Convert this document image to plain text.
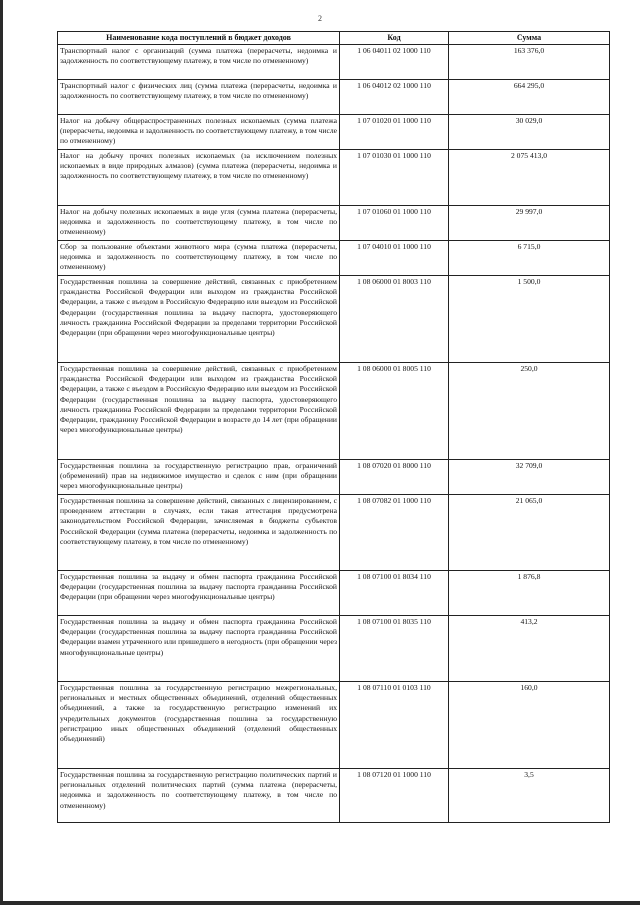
2
Наименование кода поступлений в бюджет доходов	Код	Сумма
Транспортный налог с организаций (сумма платежа (перерасчеты, недоимка и задолженность по соответствующему платежу, в том числе по отмененному)	1 06 04011 02 1000 110	163 376,0
Транспортный налог с физических лиц (сумма платежа (перерасчеты, недоимка и задолженность по соответствующему платежу, в том числе по отмененному)	1 06 04012 02 1000 110	664 295,0
Налог на добычу общераспространенных полезных ископаемых (сумма платежа (перерасчеты, недоимка и задолженность по соответствующему платежу, в том числе по отмененному)	1 07 01020 01 1000 110	30 029,0
Налог на добычу прочих полезных ископаемых (за исключением полезных ископаемых в виде природных алмазов) (сумма платежа (перерасчеты, недоимка и задолженность по соответствующему платежу, в том числе по отмененному)	1 07 01030 01 1000 110	2 075 413,0
Налог на добычу полезных ископаемых в виде угля (сумма платежа (перерасчеты, недоимка и задолженность по соответствующему платежу, в том числе по отмененному)	1 07 01060 01 1000 110	29 997,0
Сбор за пользование объектами животного мира (сумма платежа (перерасчеты, недоимка и задолженность по соответствующему платежу, в том числе по отмененному)	1 07 04010 01 1000 110	6 715,0
Государственная пошлина за совершение действий, связанных с приобретением гражданства Российской Федерации или выходом из гражданства Российской Федерации, а также с въездом в Российскую Федерацию или выездом из Российской Федерации (государственная пошлина за выдачу паспорта, удостоверяющего личность гражданина Российской Федерации за пределами территории Российской Федерации (при обращении через многофункциональные центры)	1 08 06000 01 8003 110	1 500,0
Государственная пошлина за совершение действий, связанных с приобретением гражданства Российской Федерации или выходом из гражданства Российской Федерации, а также с въездом в Российскую Федерацию или выездом из Российской Федерации (государственная пошлина за выдачу паспорта, удостоверяющего личность гражданина Российской Федерации за пределами территории Российской Федерации, гражданину Российской Федерации в возрасте до 14 лет (при обращении через многофункциональные центры)	1 08 06000 01 8005 110	250,0
Государственная пошлина за государственную регистрацию прав, ограничений (обременений) прав на недвижимое имущество и сделок с ним (при обращении через многофункциональные центры)	1 08 07020 01 8000 110	32 709,0
Государственная пошлина за совершение действий, связанных с лицензированием, с проведением аттестации в случаях, если такая аттестация предусмотрена законодательством Российской Федерации, зачисляемая в бюджеты субъектов Российской Федерации (сумма платежа (перерасчеты, недоимка и задолженность по соответствующему платежу, в том числе по отмененному)	1 08 07082 01 1000 110	21 065,0
Государственная пошлина за выдачу и обмен паспорта гражданина Российской Федерации (государственная пошлина за выдачу паспорта гражданина Российской Федерации (при обращении через многофункциональные центры)	1 08 07100 01 8034 110	1 876,8
Государственная пошлина за выдачу и обмен паспорта гражданина Российской Федерации (государственная пошлина за выдачу паспорта гражданина Российской Федерации взамен утраченного или пришедшего в негодность (при обращении через многофункциональные центры)	1 08 07100 01 8035 110	413,2
Государственная пошлина за государственную регистрацию межрегиональных, региональных и местных общественных объединений, отделений общественных объединений, а также за государственную регистрацию изменений их учредительных документов (государственная пошлина за государственную регистрацию иных общественных объединений (отделений общественных объединений)	1 08 07110 01 0103 110	160,0
Государственная пошлина за государственную регистрацию политических партий и региональных отделений политических партий (сумма платежа (перерасчеты, недоимка и задолженность по соответствующему платежу, в том числе по отмененному)	1 08 07120 01 1000 110	3,5
